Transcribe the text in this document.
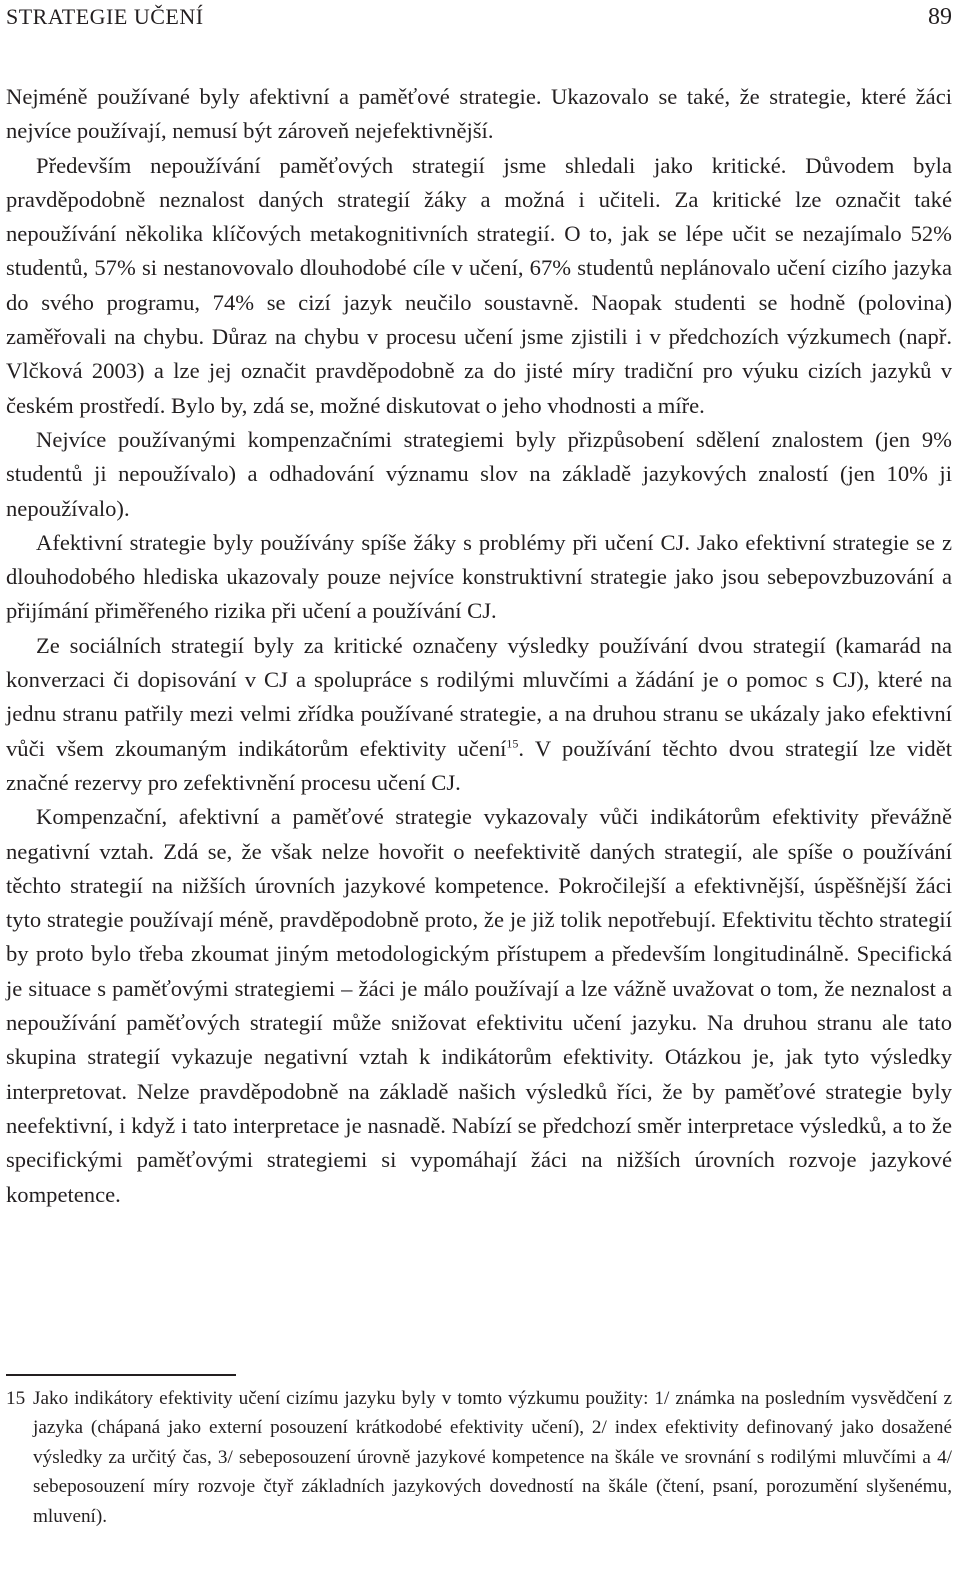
STRATEGIE UČENÍ	89

Nejméně používané byly afektivní a paměťové strategie. Ukazovalo se také, že strategie, které žáci nejvíce používají, nemusí být zároveň nejefektivnější.

Především nepoužívání paměťových strategií jsme shledali jako kritické. Důvodem byla pravděpodobně neznalost daných strategií žáky a možná i učiteli. Za kritické lze označit také nepoužívání několika klíčových metakognitivních strategií. O to, jak se lépe učit se nezajímalo 52% studentů, 57% si nestanovovalo dlouhodobé cíle v učení, 67% studentů neplánovalo učení cizího jazyka do svého programu, 74% se cizí jazyk neučilo soustavně. Naopak studenti se hodně (polovina) zaměřovali na chybu. Důraz na chybu v procesu učení jsme zjistili i v předchozích výzkumech (např. Vlčková 2003) a lze jej označit pravděpodobně za do jisté míry tradiční pro výuku cizích jazyků v českém prostředí. Bylo by, zdá se, možné diskutovat o jeho vhodnosti a míře.

Nejvíce používanými kompenzačními strategiemi byly přizpůsobení sdělení znalostem (jen 9% studentů ji nepoužívalo) a odhadování významu slov na základě jazykových znalostí (jen 10% ji nepoužívalo).

Afektivní strategie byly používány spíše žáky s problémy při učení CJ. Jako efektivní strategie se z dlouhodobého hlediska ukazovaly pouze nejvíce konstruktivní strategie jako jsou sebepovzbuzování a přijímání přiměřeného rizika při učení a používání CJ.

Ze sociálních strategií byly za kritické označeny výsledky používání dvou strategií (kamarád na konverzaci či dopisování v CJ a spolupráce s rodilými mluvčími a žádání je o pomoc s CJ), které na jednu stranu patřily mezi velmi zřídka používané strategie, a na druhou stranu se ukázaly jako efektivní vůči všem zkoumaným indikátorům efektivity učení$^{15}$. V používání těchto dvou strategií lze vidět značné rezervy pro zefektivnění procesu učení CJ.

Kompenzační, afektivní a paměťové strategie vykazovaly vůči indikátorům efektivity převážně negativní vztah. Zdá se, že však nelze hovořit o neefektivitě daných strategií, ale spíše o používání těchto strategií na nižších úrovních jazykové kompetence. Pokročilejší a efektivnější, úspěšnější žáci tyto strategie používají méně, pravděpodobně proto, že je již tolik nepotřebují. Efektivitu těchto strategií by proto bylo třeba zkoumat jiným metodologickým přístupem a především longitudinálně. Specifická je situace s paměťovými strategiemi – žáci je málo používají a lze vážně uvažovat o tom, že neznalost a nepoužívání paměťových strategií může snižovat efektivitu učení jazyku. Na druhou stranu ale tato skupina strategií vykazuje negativní vztah k indikátorům efektivity. Otázkou je, jak tyto výsledky interpretovat. Nelze pravděpodobně na základě našich výsledků říci, že by paměťové strategie byly neefektivní, i když i tato interpretace je nasnadě. Nabízí se předchozí směr interpretace výsledků, a to že specifickými paměťovými strategiemi si vypomáhají žáci na nižších úrovních rozvoje jazykové kompetence.

15 Jako indikátory efektivity učení cizímu jazyku byly v tomto výzkumu použity: 1/ známka na posledním vysvědčení z jazyka (chápaná jako externí posouzení krátkodobé efektivity učení), 2/ index efektivity definovaný jako dosažené výsledky za určitý čas, 3/ sebeposouzení úrovně jazykové kompetence na škále ve srovnání s rodilými mluvčími a 4/ sebeposouzení míry rozvoje čtyř základních jazykových dovedností na škále (čtení, psaní, porozumění slyšenému, mluvení).
